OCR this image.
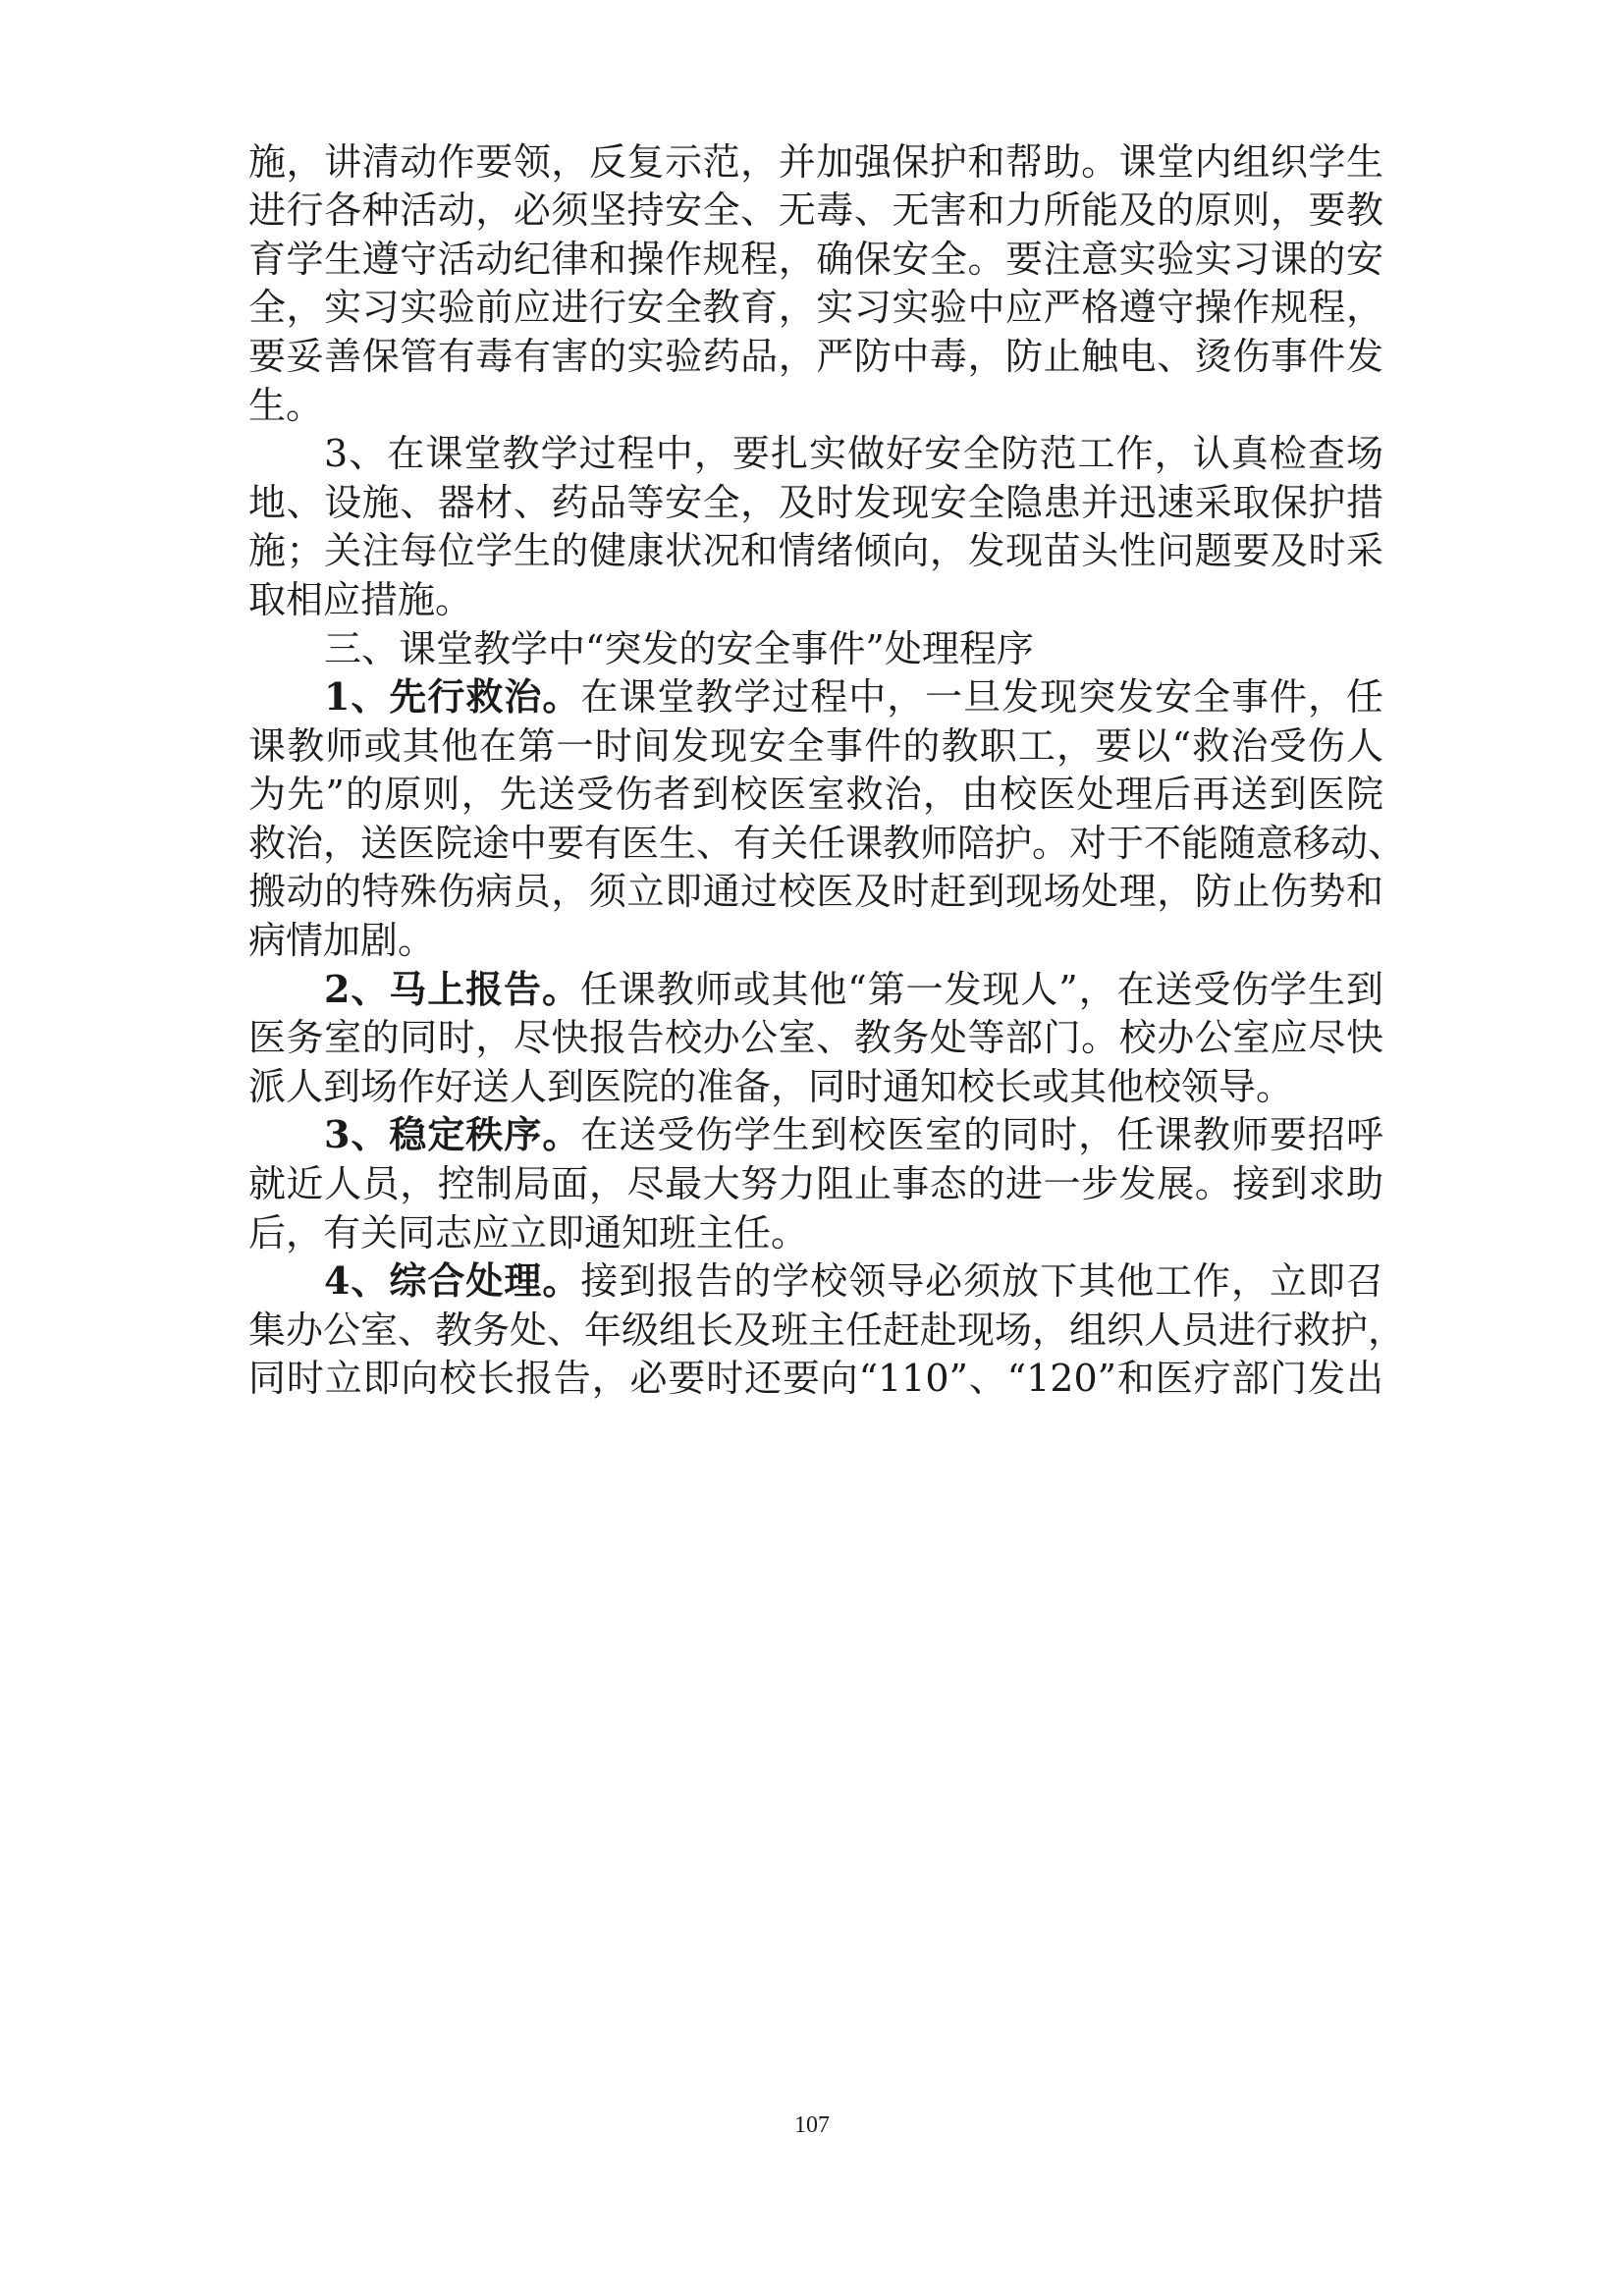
施，讲清动作要领，反复示范，并加强保护和帮助。课堂内组织学生
进行各种活动，必须坚持安全、无毒、无害和力所能及的原则，要教
育学生遵守活动纪律和操作规程，确保安全。要注意实验实习课的安
全，实习实验前应进行安全教育，实习实验中应严格遵守操作规程，
要妥善保管有毒有害的实验药品，严防中毒，防止触电、烫伤事件发
生。
3、在课堂教学过程中，要扎实做好安全防范工作，认真检查场
地、设施、器材、药品等安全，及时发现安全隐患并迅速采取保护措
施；关注每位学生的健康状况和情绪倾向，发现苗头性问题要及时采
取相应措施。
三、课堂教学中“突发的安全事件”处理程序
1、先行救治。在课堂教学过程中，一旦发现突发安全事件，任
课教师或其他在第一时间发现安全事件的教职工，要以“救治受伤人
为先”的原则，先送受伤者到校医室救治，由校医处理后再送到医院
救治，送医院途中要有医生、有关任课教师陪护。对于不能随意移动、
搬动的特殊伤病员，须立即通过校医及时赶到现场处理，防止伤势和
病情加剧。
2、马上报告。任课教师或其他“第一发现人”，在送受伤学生到
医务室的同时，尽快报告校办公室、教务处等部门。校办公室应尽快
派人到场作好送人到医院的准备，同时通知校长或其他校领导。
3、稳定秩序。在送受伤学生到校医室的同时，任课教师要招呼
就近人员，控制局面，尽最大努力阻止事态的进一步发展。接到求助
后，有关同志应立即通知班主任。
4、综合处理。接到报告的学校领导必须放下其他工作，立即召
集办公室、教务处、年级组长及班主任赶赴现场，组织人员进行救护，
同时立即向校长报告，必要时还要向“110”、“120”和医疗部门发出
107
